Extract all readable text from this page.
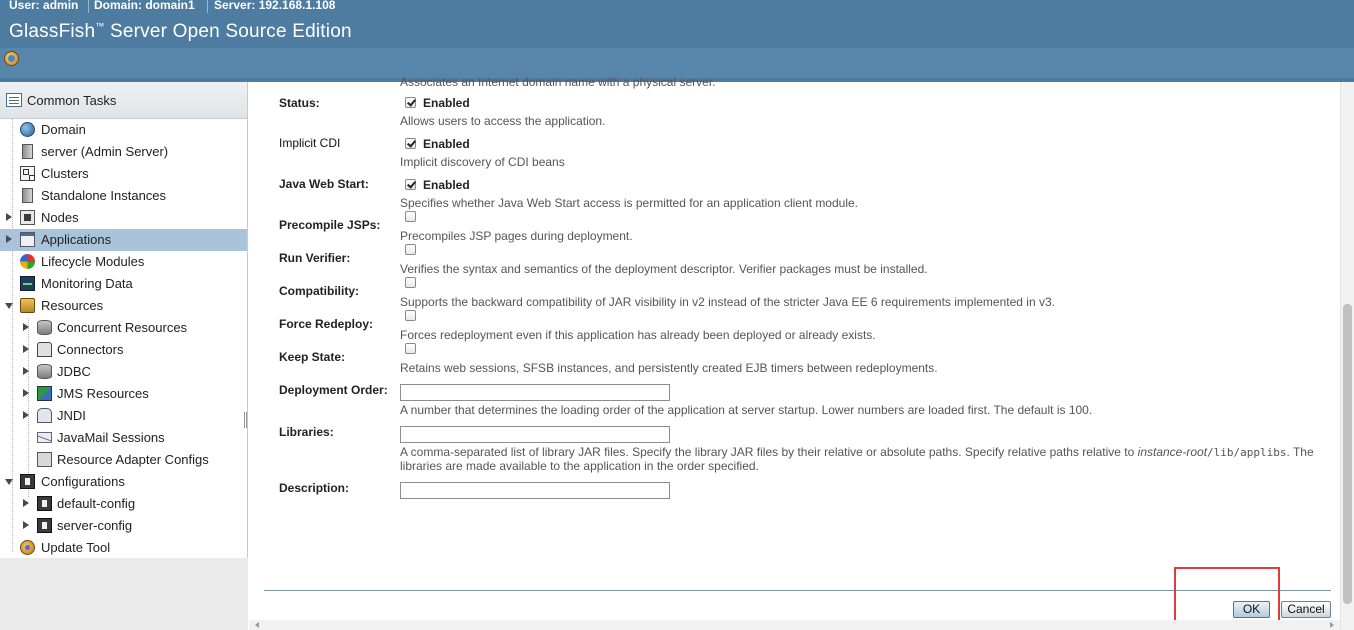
User: admin Domain: domain1 Server: 192.168.1.108
GlassFish™ Server Open Source Edition
Common Tasks
Domain
server (Admin Server)
Clusters
Standalone Instances
Nodes
Applications
Lifecycle Modules
Monitoring Data
Resources
Concurrent Resources
Connectors
JDBC
JMS Resources
JNDI
JavaMail Sessions
Resource Adapter Configs
Configurations
default-config
server-config
Update Tool
Associates an Internet domain name with a physical server.
Status:	Enabled
Allows users to access the application.
Implicit CDI	Enabled
Implicit discovery of CDI beans
Java Web Start:	Enabled
Specifies whether Java Web Start access is permitted for an application client module.
Precompile JSPs:
Precompiles JSP pages during deployment.
Run Verifier:
Verifies the syntax and semantics of the deployment descriptor. Verifier packages must be installed.
Compatibility:
Supports the backward compatibility of JAR visibility in v2 instead of the stricter Java EE 6 requirements implemented in v3.
Force Redeploy:
Forces redeployment even if this application has already been deployed or already exists.
Keep State:
Retains web sessions, SFSB instances, and persistently created EJB timers between redeployments.
Deployment Order:
A number that determines the loading order of the application at server startup. Lower numbers are loaded first. The default is 100.
Libraries:
A comma-separated list of library JAR files. Specify the library JAR files by their relative or absolute paths. Specify relative paths relative to instance-root/lib/applibs. The
libraries are made available to the application in the order specified.
Description:
OK	Cancel
